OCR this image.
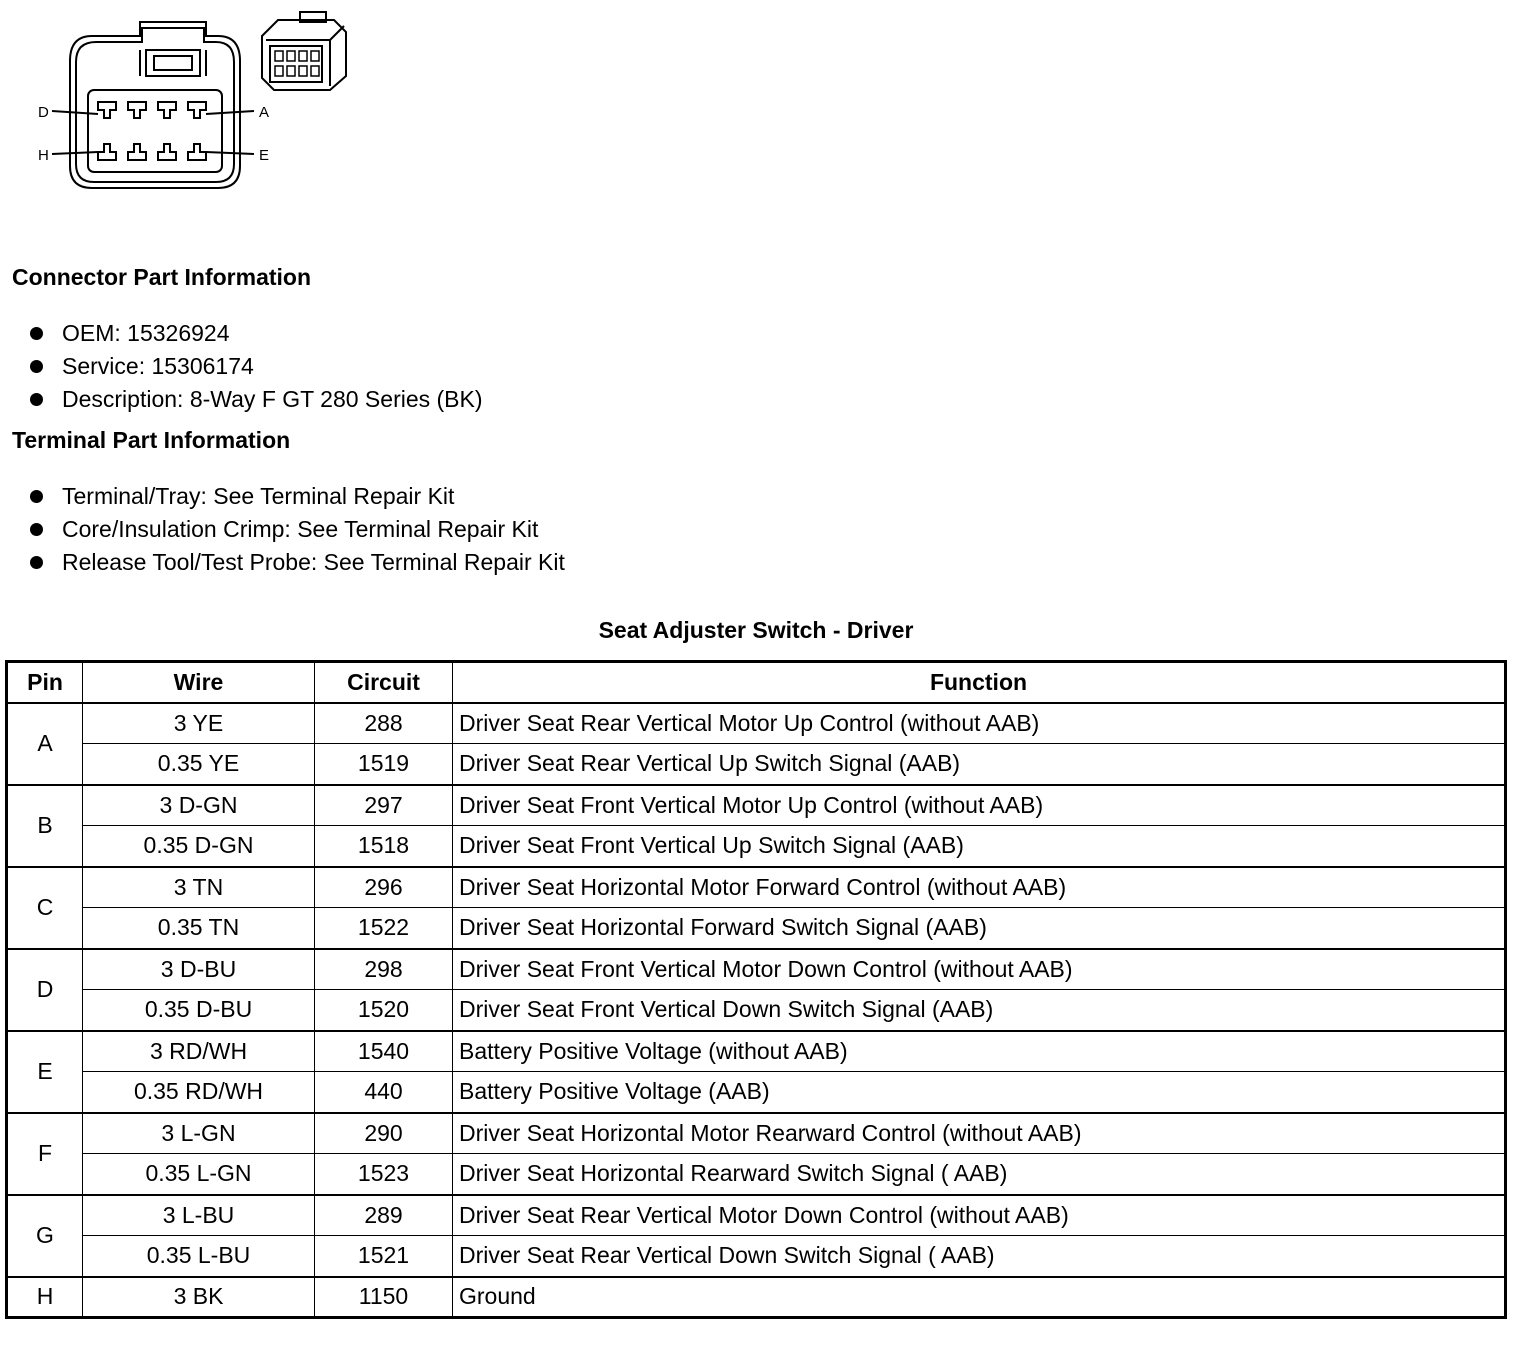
D	A
H	E
Connector Part Information
OEM: 15326924
Service: 15306174
Description: 8-Way F GT 280 Series (BK)
Terminal Part Information
Terminal/Tray: See Terminal Repair Kit
Core/Insulation Crimp: See Terminal Repair Kit
Release Tool/Test Probe: See Terminal Repair Kit
Seat Adjuster Switch - Driver
Pin	Wire	Circuit	Function
A	3 YE	288	Driver Seat Rear Vertical Motor Up Control (without AAB)
	0.35 YE	1519	Driver Seat Rear Vertical Up Switch Signal (AAB)
B	3 D-GN	297	Driver Seat Front Vertical Motor Up Control (without AAB)
	0.35 D-GN	1518	Driver Seat Front Vertical Up Switch Signal (AAB)
C	3 TN	296	Driver Seat Horizontal Motor Forward Control (without AAB)
	0.35 TN	1522	Driver Seat Horizontal Forward Switch Signal (AAB)
D	3 D-BU	298	Driver Seat Front Vertical Motor Down Control (without AAB)
	0.35 D-BU	1520	Driver Seat Front Vertical Down Switch Signal (AAB)
E	3 RD/WH	1540	Battery Positive Voltage (without AAB)
	0.35 RD/WH	440	Battery Positive Voltage (AAB)
F	3 L-GN	290	Driver Seat Horizontal Motor Rearward Control (without AAB)
	0.35 L-GN	1523	Driver Seat Horizontal Rearward Switch Signal ( AAB)
G	3 L-BU	289	Driver Seat Rear Vertical Motor Down Control (without AAB)
	0.35 L-BU	1521	Driver Seat Rear Vertical Down Switch Signal ( AAB)
H	3 BK	1150	Ground
